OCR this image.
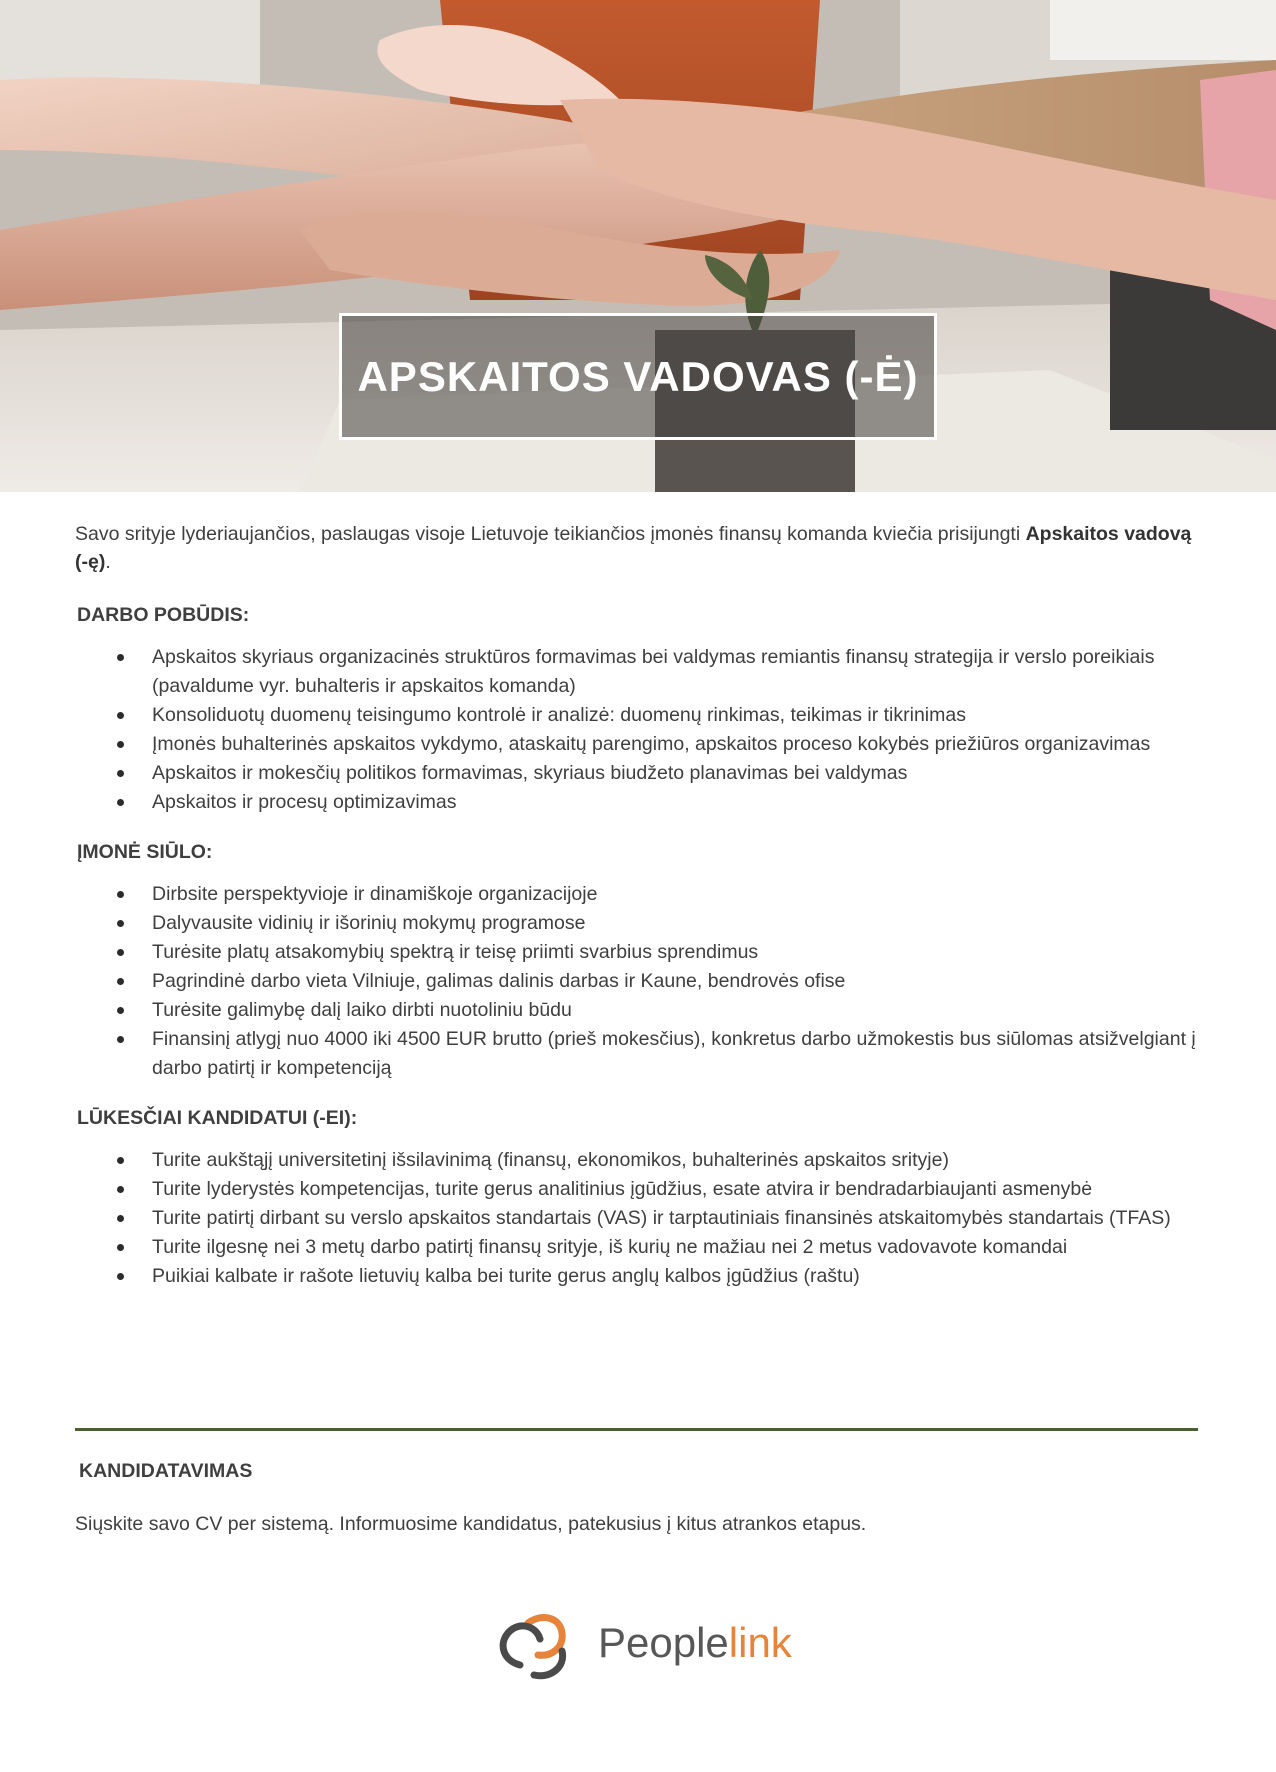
APSKAITOS VADOVAS (-Ė)

Savo srityje lyderiaujančios, paslaugas visoje Lietuvoje teikiančios įmonės finansų komanda kviečia prisijungti Apskaitos vadovą (-ę).

DARBO POBŪDIS:
Apskaitos skyriaus organizacinės struktūros formavimas bei valdymas remiantis finansų strategija ir verslo poreikiais (pavaldume vyr. buhalteris ir apskaitos komanda)
Konsoliduotų duomenų teisingumo kontrolė ir analizė: duomenų rinkimas, teikimas ir tikrinimas
Įmonės buhalterinės apskaitos vykdymo, ataskaitų parengimo, apskaitos proceso kokybės priežiūros organizavimas
Apskaitos ir mokesčių politikos formavimas, skyriaus biudžeto planavimas bei valdymas
Apskaitos ir procesų optimizavimas
ĮMONĖ SIŪLO:
Dirbsite perspektyvioje ir dinamiškoje organizacijoje
Dalyvausite vidinių ir išorinių mokymų programose
Turėsite platų atsakomybių spektrą ir teisę priimti svarbius sprendimus
Pagrindinė darbo vieta Vilniuje, galimas dalinis darbas ir Kaune, bendrovės ofise
Turėsite galimybę dalį laiko dirbti nuotoliniu būdu
Finansinį atlygį nuo 4000 iki 4500 EUR brutto (prieš mokesčius), konkretus darbo užmokestis bus siūlomas atsižvelgiant į darbo patirtį ir kompetenciją
LŪKESČIAI KANDIDATUI (-EI):
Turite aukštąjį universitetinį išsilavinimą (finansų, ekonomikos, buhalterinės apskaitos srityje)
Turite lyderystės kompetencijas, turite gerus analitinius įgūdžius, esate atvira ir bendradarbiaujanti asmenybė
Turite patirtį dirbant su verslo apskaitos standartais (VAS) ir tarptautiniais finansinės atskaitomybės standartais (TFAS)
Turite ilgesnę nei 3 metų darbo patirtį finansų srityje, iš kurių ne mažiau nei 2 metus vadovavote komandai
Puikiai kalbate ir rašote lietuvių kalba bei turite gerus anglų kalbos įgūdžius (raštu)
KANDIDATAVIMAS

Siųskite savo CV per sistemą. Informuosime kandidatus, patekusius į kitus atrankos etapus.

Peoplelink
